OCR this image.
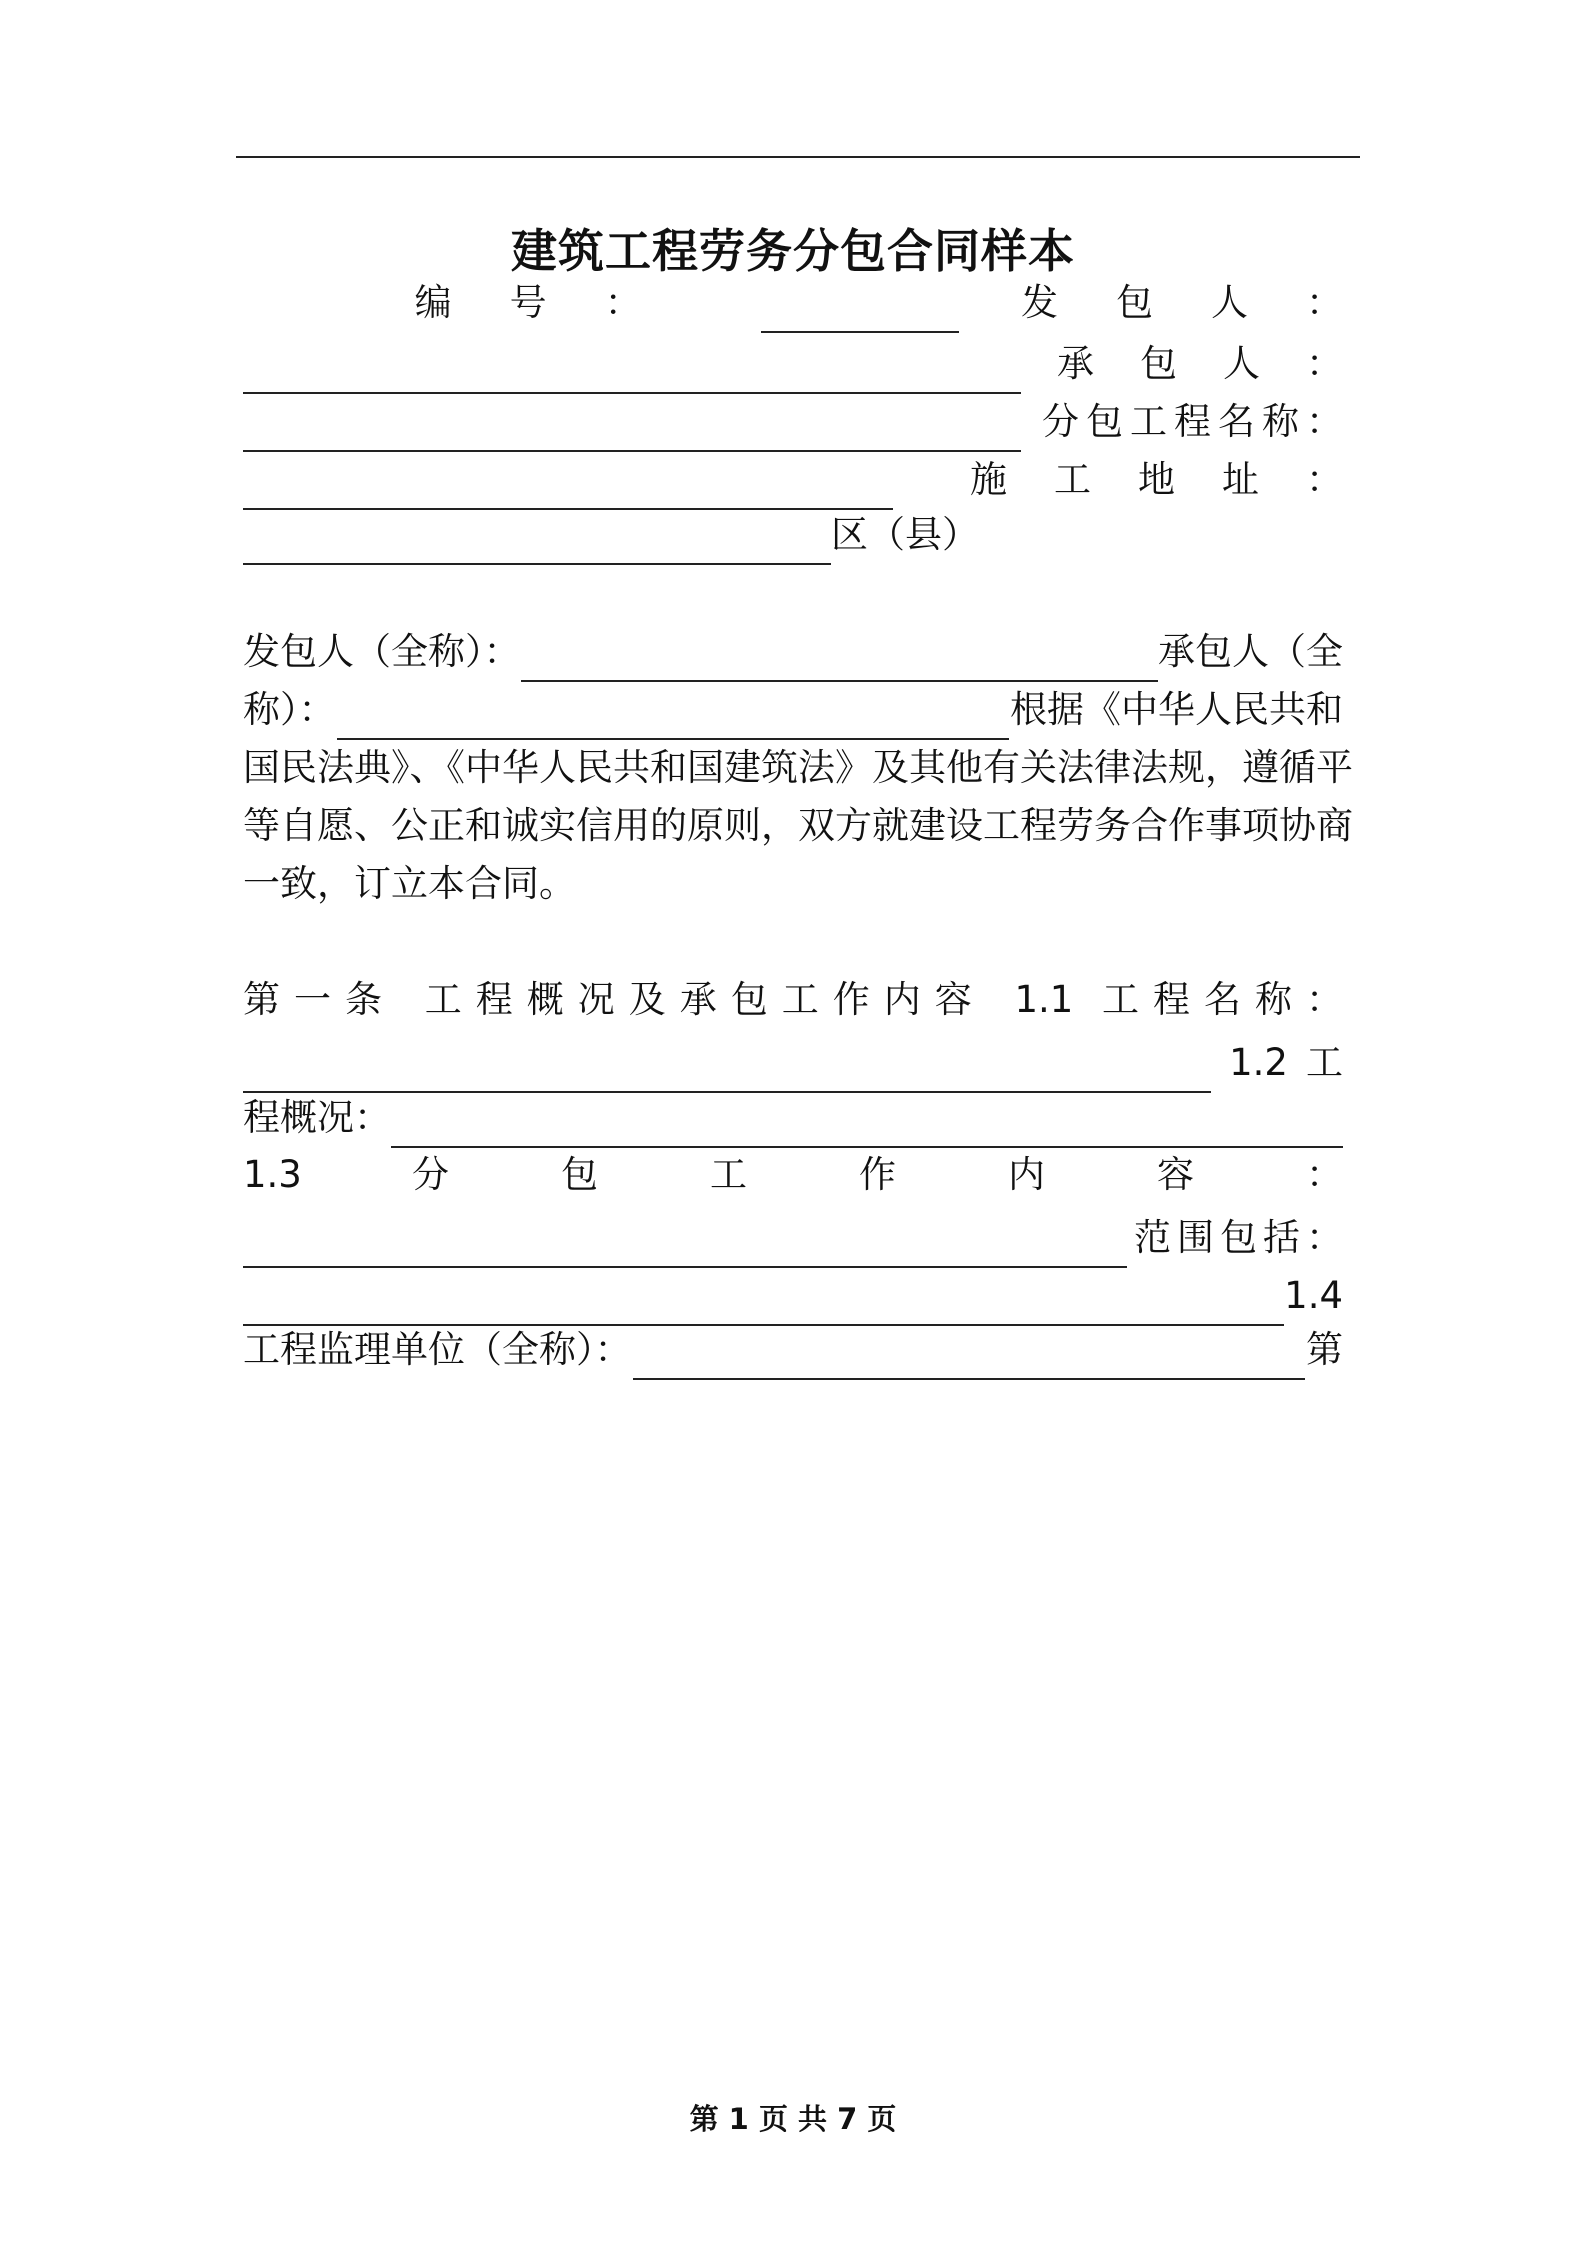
建筑工程劳务分包合同样本
编号：	发包人：
承包人：
分包工程名称：
施工地址：
区（县）
发包人（全称）：	承包人（全
称）：	根据《中华人民共和
国民法典》、《中华人民共和国建筑法》及其他有关法律法规，遵循平
等自愿、公正和诚实信用的原则，双方就建设工程劳务合作事项协商
一致，订立本合同。
第一条 工程概况及承包工作内容 1.1 工程名称：
1.2 工
程概况：
1.3	分包工作内容：
范围包括：
1.4
工程监理单位（全称）：	第
第 1 页 共 7 页
